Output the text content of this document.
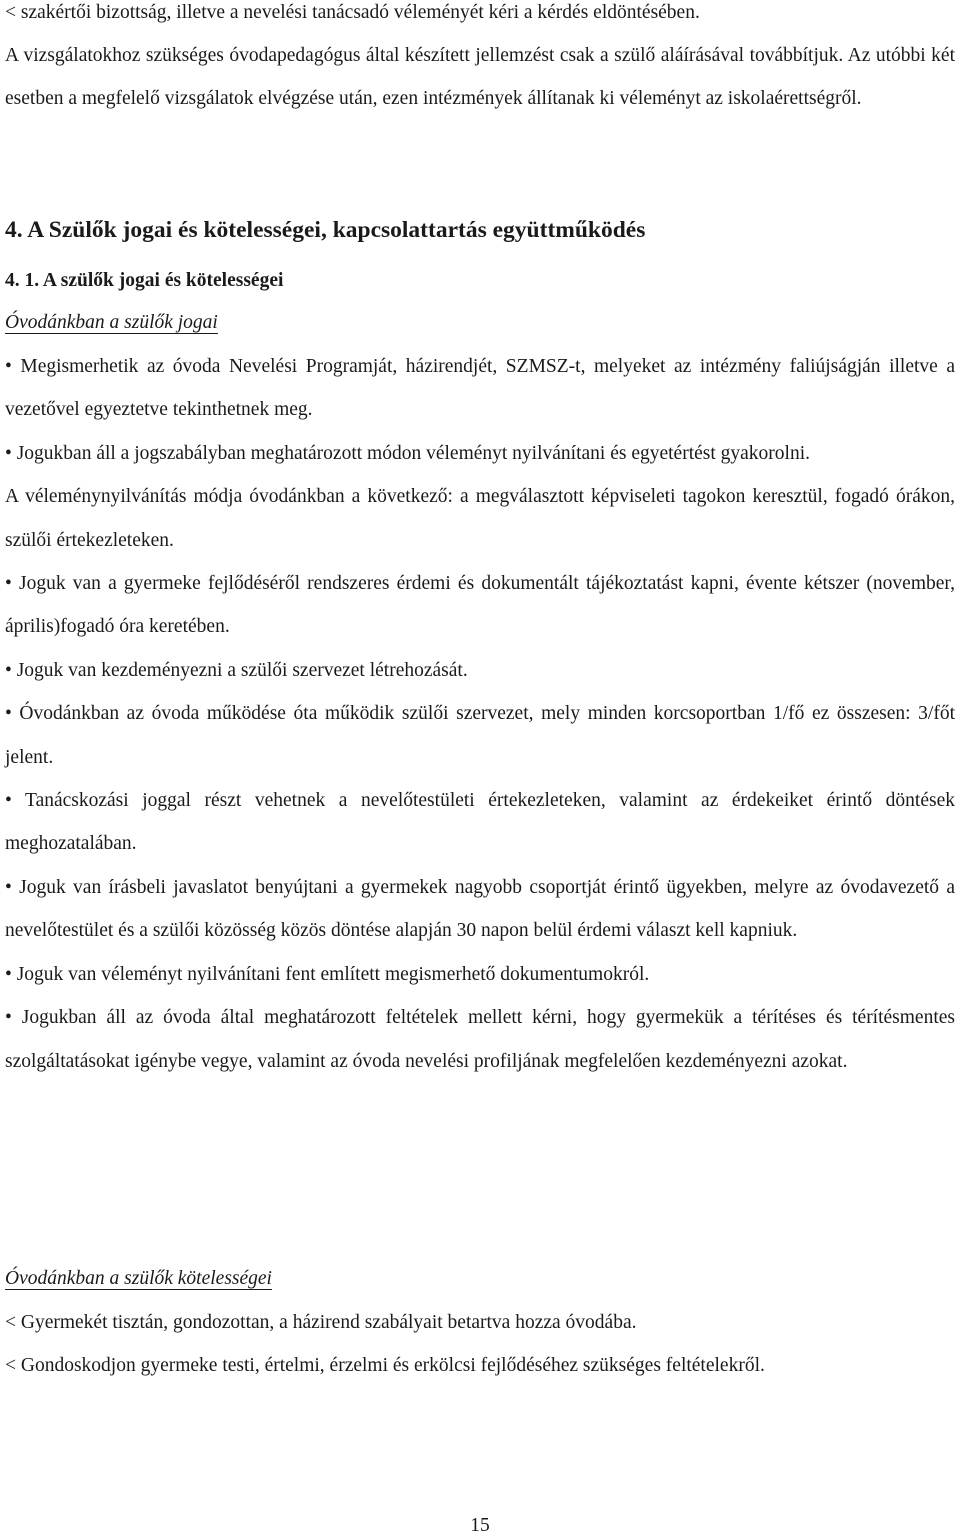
< szakértői bizottság, illetve a nevelési tanácsadó véleményét kéri a kérdés eldöntésében.

A vizsgálatokhoz szükséges óvodapedagógus által készített jellemzést csak a szülő aláírásával továbbítjuk. Az utóbbi két esetben a megfelelő vizsgálatok elvégzése után, ezen intézmények állítanak ki véleményt az iskolaérettségről.

4. A Szülők jogai és kötelességei, kapcsolattartás együttműködés

4. 1. A szülők jogai és kötelességei

Óvodánkban a szülők jogai

• Megismerhetik az óvoda Nevelési Programját, házirendjét, SZMSZ-t, melyeket az intézmény faliújságján illetve a vezetővel egyeztetve tekinthetnek meg.

• Jogukban áll a jogszabályban meghatározott módon véleményt nyilvánítani és egyetértést gyakorolni.

A véleménynyilvánítás módja óvodánkban a következő: a megválasztott képviseleti tagokon keresztül, fogadó órákon, szülői értekezleteken.

• Joguk van a gyermeke fejlődéséről rendszeres érdemi és dokumentált tájékoztatást kapni, évente kétszer (november, április)fogadó óra keretében.

• Joguk van kezdeményezni a szülői szervezet létrehozását.

• Óvodánkban az óvoda működése óta működik szülői szervezet, mely minden korcsoportban 1/fő ez összesen: 3/főt jelent.

• Tanácskozási joggal részt vehetnek a nevelőtestületi értekezleteken, valamint az érdekeiket érintő döntések meghozatalában.

• Joguk van írásbeli javaslatot benyújtani a gyermekek nagyobb csoportját érintő ügyekben, melyre az óvodavezető a nevelőtestület és a szülői közösség közös döntése alapján 30 napon belül érdemi választ kell kapniuk.

• Joguk van véleményt nyilvánítani fent említett megismerhető dokumentumokról.

• Jogukban áll az óvoda által meghatározott feltételek mellett kérni, hogy gyermekük a térítéses és térítésmentes szolgáltatásokat igénybe vegye, valamint az óvoda nevelési profiljának megfelelően kezdeményezni azokat.

Óvodánkban a szülők kötelességei

< Gyermekét tisztán, gondozottan, a házirend szabályait betartva hozza óvodába.

< Gondoskodjon gyermeke testi, értelmi, érzelmi és erkölcsi fejlődéséhez szükséges feltételekről.

15
